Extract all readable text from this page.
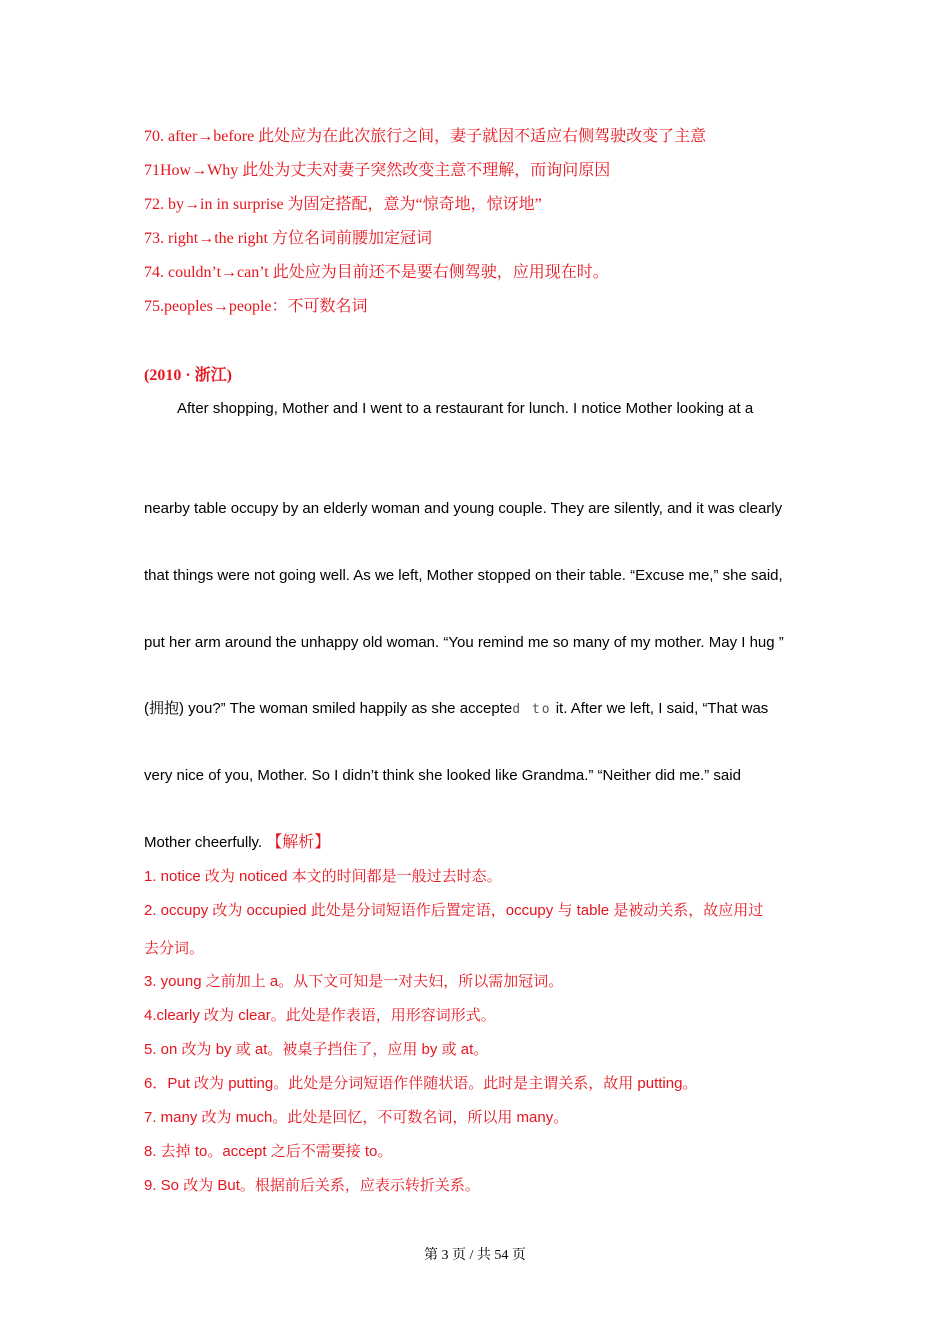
70. after→before 此处应为在此次旅行之间，妻子就因不适应右侧驾驶改变了主意
71How→Why 此处为丈夫对妻子突然改变主意不理解，而询问原因
72. by→in in surprise 为固定搭配，意为“惊奇地，惊讶地”
73. right→the right 方位名词前腰加定冠词
74. couldn’t→can’t 此处应为目前还不是要右侧驾驶，应用现在时。
75.peoples→people：不可数名词
(2010 · 浙江)
After shopping, Mother and I went to a restaurant for lunch. I notice Mother looking at a
nearby table occupy by an elderly woman and young couple. They are silently, and it was clearly
that things were not going well. As we left, Mother stopped on their table. “Excuse me,” she said,
put her arm around the unhappy old woman. “You remind me so many of my mother. May I hug ”
(拥抱) you?” The woman smiled happily as she accepted to it. After we left, I said, “That was
very nice of you, Mother. So I didn’t think she looked like Grandma.” “Neither did me.” said
Mother cheerfully. 【解析】
1. notice 改为 noticed 本文的时间都是一般过去时态。
2. occupy 改为 occupied 此处是分词短语作后置定语，occupy 与 table 是被动关系，故应用过
去分词。
3. young 之前加上 a。从下文可知是一对夫妇，所以需加冠词。
4.clearly 改为 clear。此处是作表语，用形容词形式。
5. on 改为 by 或 at。被桌子挡住了，应用 by 或 at。
6．Put 改为 putting。此处是分词短语作伴随状语。此时是主谓关系，故用 putting。
7. many 改为 much。此处是回忆，不可数名词，所以用 many。
8. 去掉 to。accept 之后不需要接 to。
9. So 改为 But。根据前后关系，应表示转折关系。
第 3 页 / 共 54 页
